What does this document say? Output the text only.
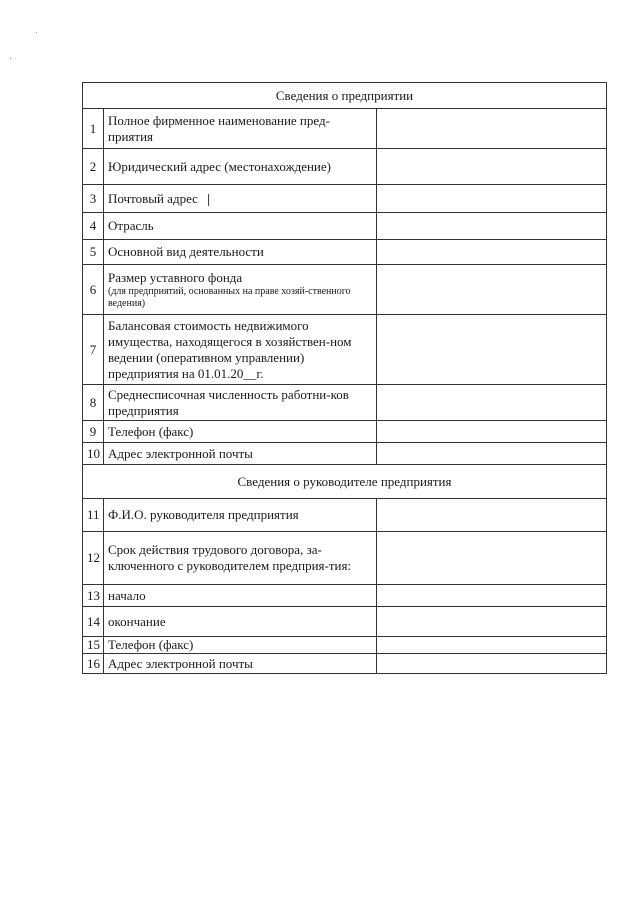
Сведения о предприятии		
1	Полное фирменное наименование пред-приятия	
2	Юридический адрес (местонахождение)	
3	Почтовый адрес	
4	Отрасль	
5	Основной вид деятельности	
6	Размер уставного фонда
(для предприятий, основанных на праве хозяй-ственного ведения)	

7	Балансовая стоимость недвижимого имущества, находящегося в хозяйствен-ном ведении (оперативном управлении) предприятия на 01.01.20__г.	
8	Среднесписочная численность работни-ков предприятия	
9	Телефон (факс)	
10	Адрес электронной почты	
Сведения о руководителе предприятия		
11	Ф.И.О. руководителя предприятия	
12	Срок действия трудового договора, за-ключенного с руководителем предприя-тия:	
13	начало	
14	окончание	
15	Телефон (факс)	
16	Адрес электронной почты	
